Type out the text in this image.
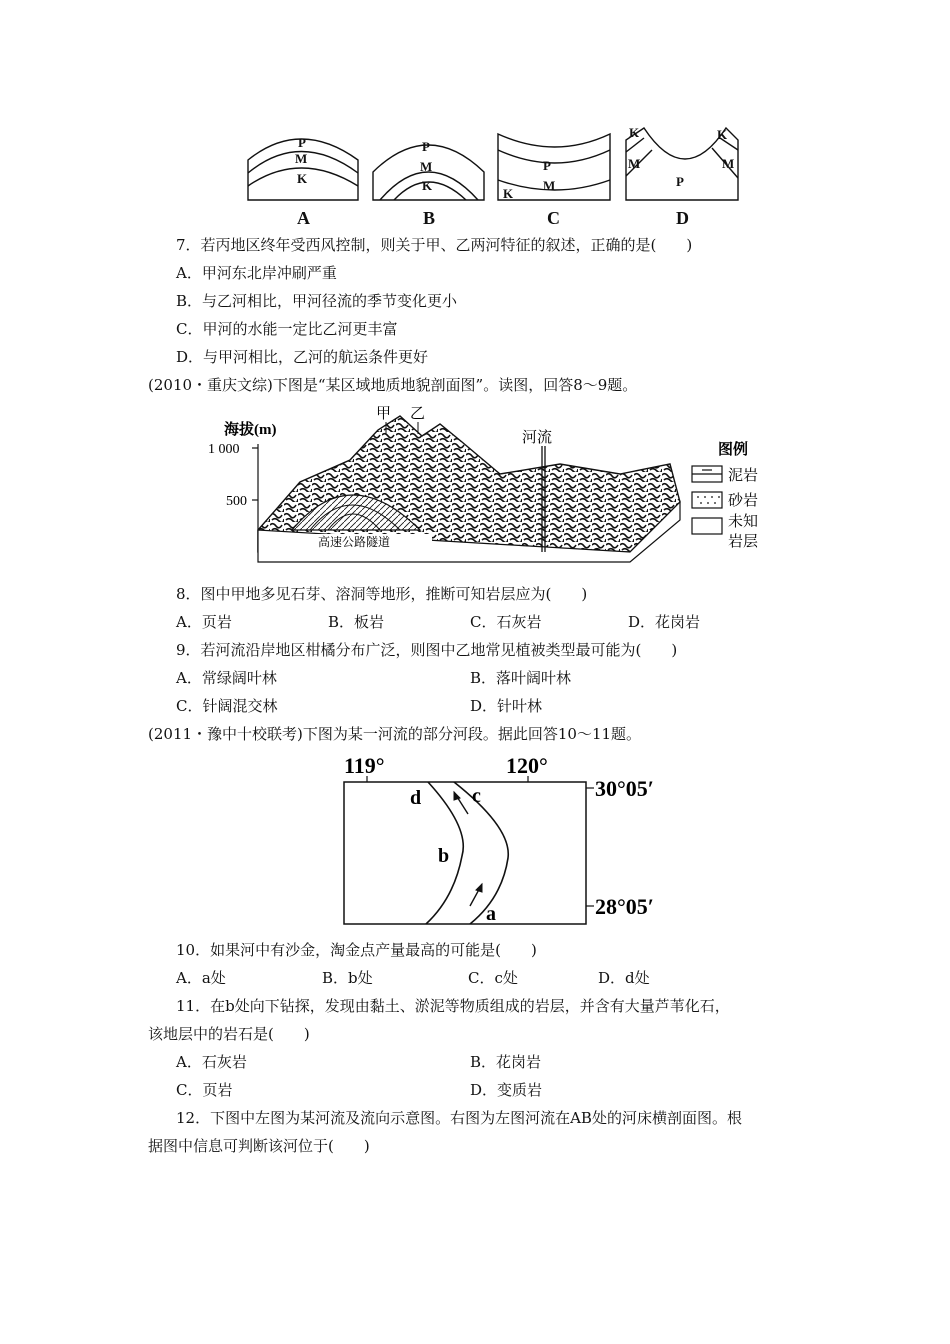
P
M
K
P
M
K
P
M
K
K	K
M	M
P
A	B	C	D
7．若丙地区终年受西风控制，则关于甲、乙两河特征的叙述，正确的是(　　)
A．甲河东北岸冲刷严重
B．与乙河相比，甲河径流的季节变化更小
C．甲河的水能一定比乙河更丰富
D．与甲河相比，乙河的航运条件更好
(2010・重庆文综)下图是“某区域地质地貌剖面图”。读图，回答8～9题。
海拔(m)
1 000
500
高速公路隧道
河流
甲 乙
图例
泥岩
砂岩
未知
岩层
8．图中甲地多见石芽、溶洞等地形，推断可知岩层应为(　　)
A．页岩	B．板岩	C．石灰岩	D．花岗岩
9．若河流沿岸地区柑橘分布广泛，则图中乙地常见植被类型最可能为(　　)
A．常绿阔叶林	B．落叶阔叶林
C．针阔混交林	D．针叶林
(2011・豫中十校联考)下图为某一河流的部分河段。据此回答10～11题。
119°	120°
30°05′
28°05′
d	c
b
a
10．如果河中有沙金，淘金点产量最高的可能是(　　)
A．a处	B．b处	C．c处	D．d处
11．在b处向下钻探，发现由黏土、淤泥等物质组成的岩层，并含有大量芦苇化石，
该地层中的岩石是(　　)
A．石灰岩	B．花岗岩
C．页岩	D．变质岩
12．下图中左图为某河流及流向示意图。右图为左图河流在AB处的河床横剖面图。根
据图中信息可判断该河位于(　　)
